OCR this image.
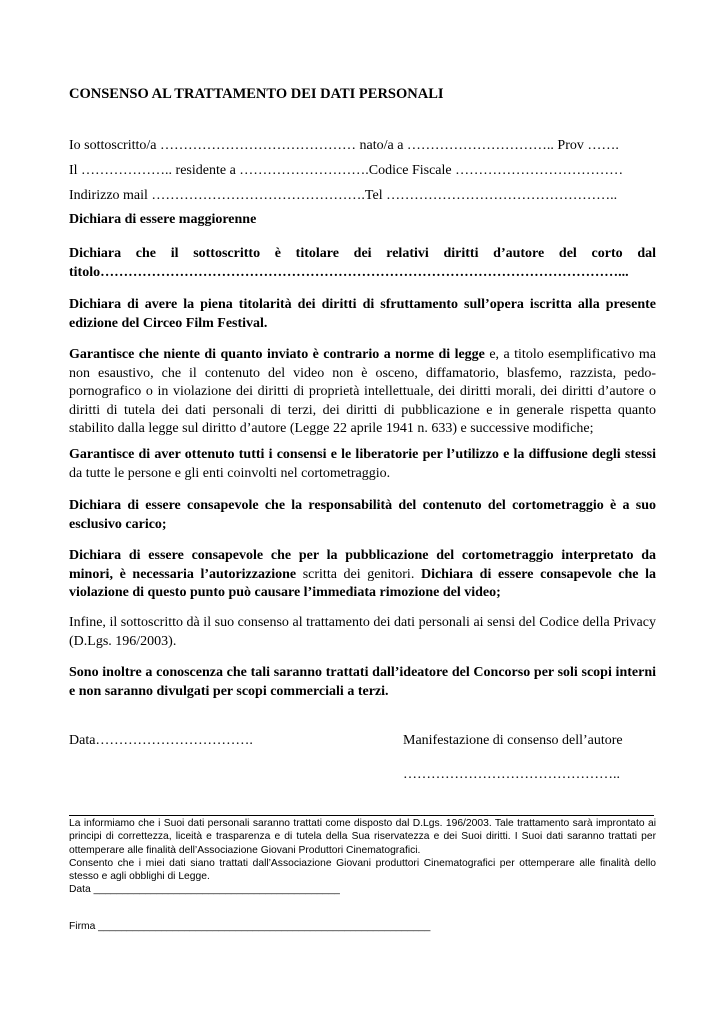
CONSENSO AL TRATTAMENTO DEI DATI PERSONALI
Io sottoscritto/a …………………………………… nato/a a ………………………….. Prov …….
Il ……………….. residente a ……………………….Codice Fiscale ………………………………
Indirizzo mail ……………………………………….Tel …………………………………………..
Dichiara di essere maggiorenne
Dichiara che il sottoscritto è titolare dei relativi diritti d’autore del corto dal titolo…………………………………………………………………………………………………...
Dichiara di avere la piena titolarità dei diritti di sfruttamento sull’opera iscritta alla presente edizione del Circeo Film Festival.
Garantisce che niente di quanto inviato è contrario a norme di legge e, a titolo esemplificativo ma non esaustivo, che il contenuto del video non è osceno, diffamatorio, blasfemo, razzista, pedo-pornografico o in violazione dei diritti di proprietà intellettuale, dei diritti morali, dei diritti d’autore o diritti di tutela dei dati personali di terzi, dei diritti di pubblicazione e in generale rispetta quanto stabilito dalla legge sul diritto d’autore (Legge 22 aprile 1941 n. 633) e successive modifiche;
Garantisce di aver ottenuto tutti i consensi e le liberatorie per l’utilizzo e la diffusione degli stessi da tutte le persone e gli enti coinvolti nel cortometraggio.
Dichiara di essere consapevole che la responsabilità del contenuto del cortometraggio è a suo esclusivo carico;
Dichiara di essere consapevole che per la pubblicazione del cortometraggio interpretato da minori, è necessaria l’autorizzazione scritta dei genitori. Dichiara di essere consapevole che la violazione di questo punto può causare l’immediata rimozione del video;
Infine, il sottoscritto dà il suo consenso al trattamento dei dati personali ai sensi del Codice della Privacy (D.Lgs. 196/2003).
Sono inoltre a conoscenza che tali saranno trattati dall’ideatore del Concorso per soli scopi interni e non saranno divulgati per scopi commerciali a terzi.
Data…………………………….	Manifestazione di consenso dell’autore
………………………………………..
La informiamo che i Suoi dati personali saranno trattati come disposto dal D.Lgs. 196/2003. Tale trattamento sarà improntato ai principi di correttezza, liceità e trasparenza e di tutela della Sua riservatezza e dei Suoi diritti. I Suoi dati saranno trattati per ottemperare alle finalità dell’Associazione Giovani Produttori Cinematografici.
Consento che i miei dati siano trattati dall’Associazione Giovani produttori Cinematografici per ottemperare alle finalità dello stesso e agli obblighi di Legge.
Data ___________________________________________
Firma __________________________________________________________
